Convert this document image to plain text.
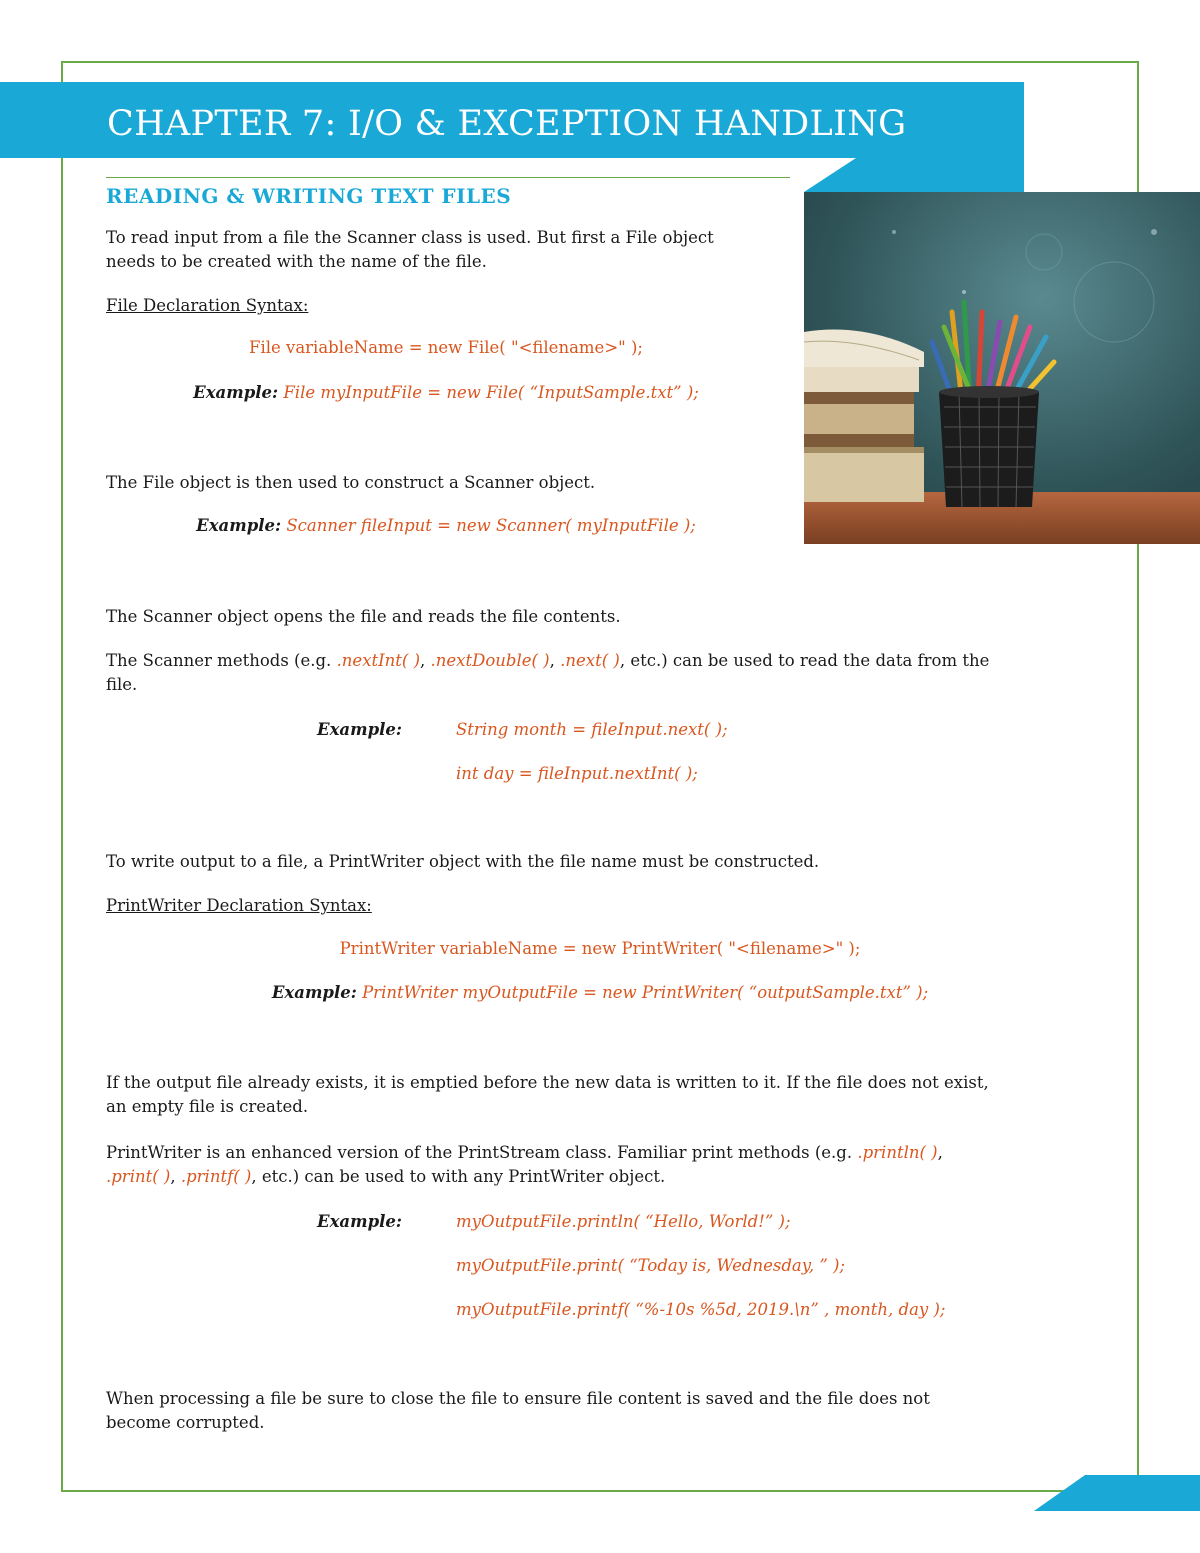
CHAPTER 7: I/O & EXCEPTION HANDLING
READING & WRITING TEXT FILES

To read input from a file the Scanner class is used. But first a File object

needs to be created with the name of the file.

File Declaration Syntax:

File variableName = new File( "<filename>" );

Example: File myInputFile = new File( “InputSample.txt” );

The File object is then used to construct a Scanner object.

Example: Scanner fileInput = new Scanner( myInputFile );

The Scanner object opens the file and reads the file contents.

The Scanner methods (e.g. .nextInt( ), .nextDouble( ), .next( ), etc.) can be used to read the data from the

file.

Example:	String month = fileInput.next( );

int day = fileInput.nextInt( );

To write output to a file, a PrintWriter object with the file name must be constructed.

PrintWriter Declaration Syntax:

PrintWriter variableName = new PrintWriter( "<filename>" );

Example: PrintWriter myOutputFile = new PrintWriter( “outputSample.txt” );

If the output file already exists, it is emptied before the new data is written to it. If the file does not exist,

an empty file is created.

PrintWriter is an enhanced version of the PrintStream class. Familiar print methods (e.g. .println( ),

.print( ), .printf( ), etc.) can be used to with any PrintWriter object.

Example:	myOutputFile.println( “Hello, World!” );

myOutputFile.print( “Today is, Wednesday, ” );

myOutputFile.printf( “%-10s %5d, 2019.\n” , month, day );

When processing a file be sure to close the file to ensure file content is saved and the file does not

become corrupted.
